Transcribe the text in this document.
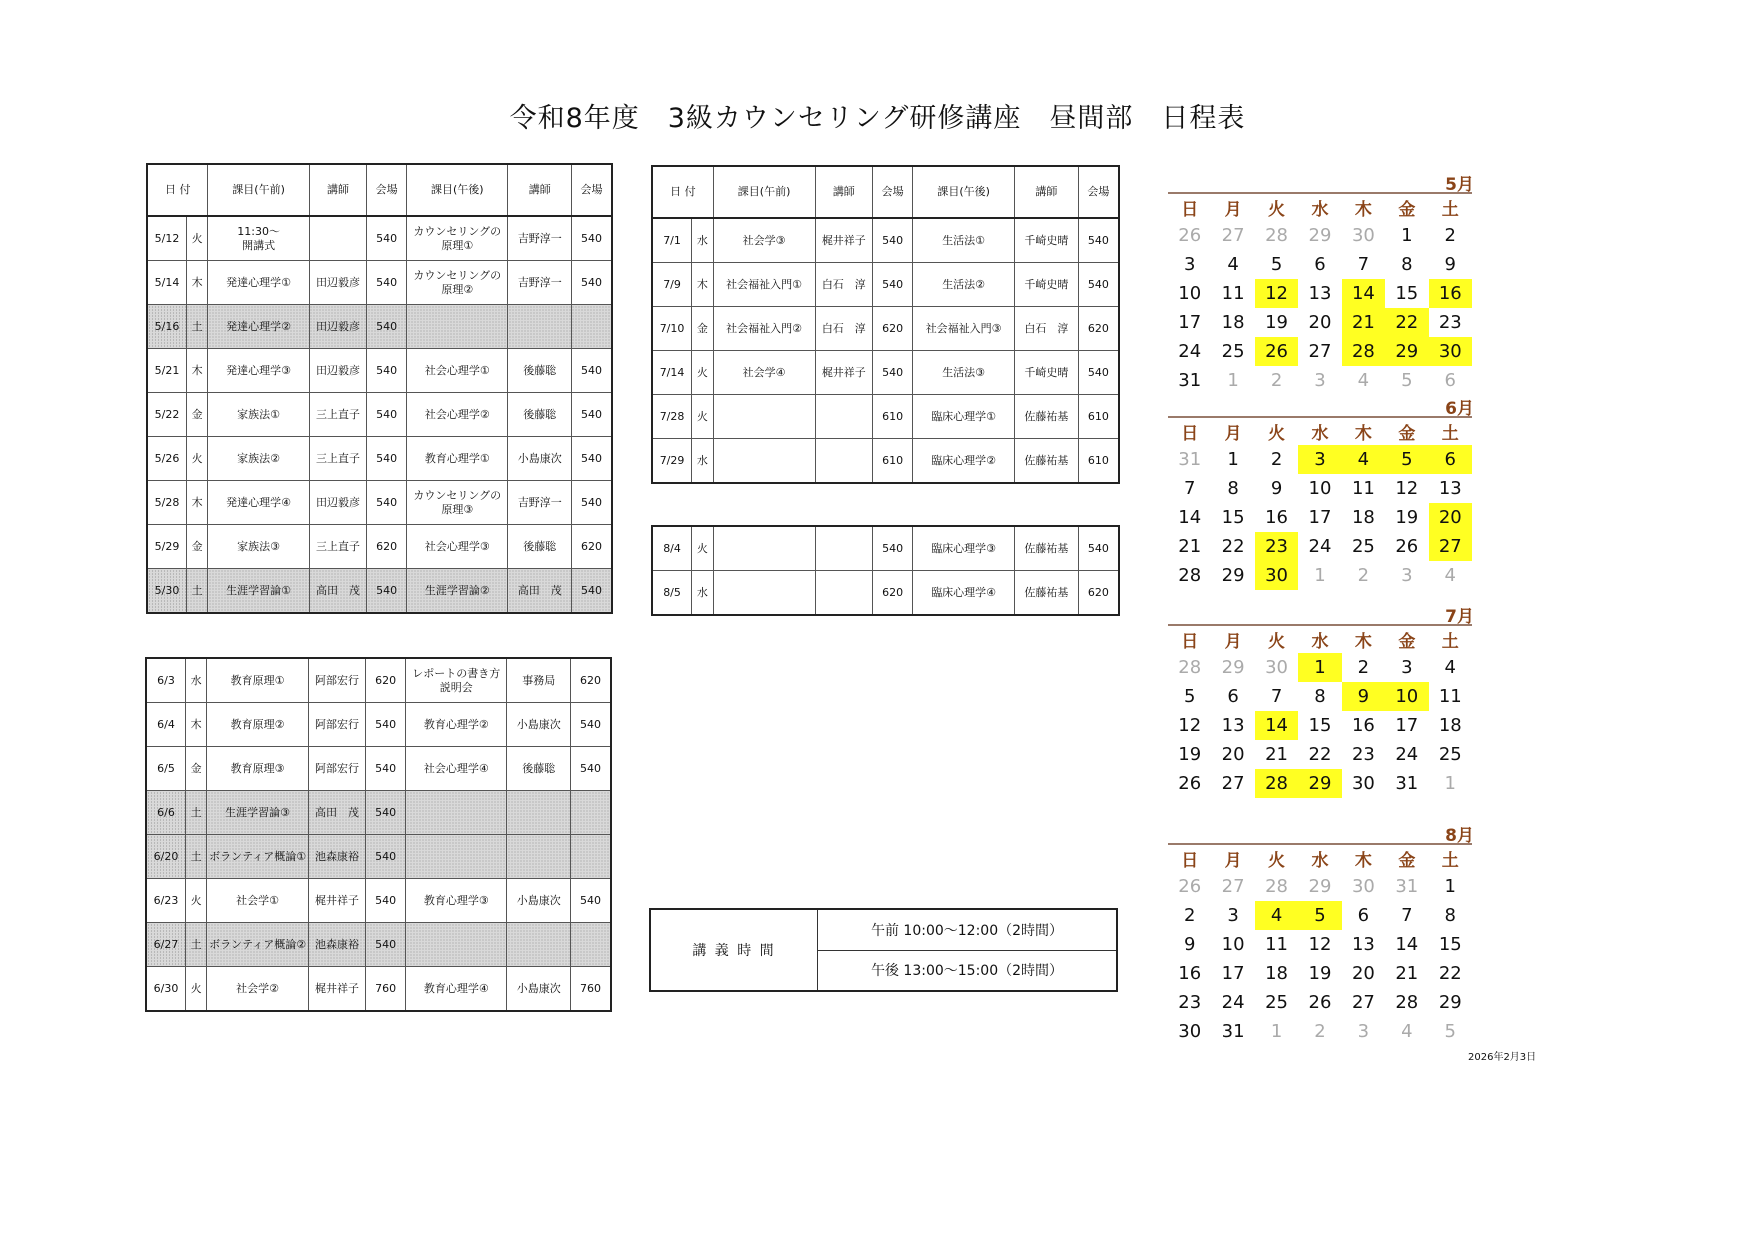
令和8年度　3級カウンセリング研修講座　昼間部　日程表
日 付		課目(午前)	講師	会場	課目(午後)	講師	会場
5/12	火	11:30～
開講式		540	カウンセリングの
原理①	吉野淳一	540
5/14	木	発達心理学①	田辺毅彦	540	カウンセリングの
原理②	吉野淳一	540
5/16	土	発達心理学②	田辺毅彦	540			
5/21	木	発達心理学③	田辺毅彦	540	社会心理学①	後藤聡	540
5/22	金	家族法①	三上直子	540	社会心理学②	後藤聡	540
5/26	火	家族法②	三上直子	540	教育心理学①	小島康次	540
5/28	木	発達心理学④	田辺毅彦	540	カウンセリングの
原理③	吉野淳一	540
5/29	金	家族法③	三上直子	620	社会心理学③	後藤聡	620
5/30	土	生涯学習論①	高田　茂	540	生涯学習論②	高田　茂	540
日 付		課目(午前)	講師	会場	課目(午後)	講師	会場
7/1	水	社会学③	梶井祥子	540	生活法①	千崎史晴	540
7/9	木	社会福祉入門①	白石　淳	540	生活法②	千崎史晴	540
7/10	金	社会福祉入門②	白石　淳	620	社会福祉入門③	白石　淳	620
7/14	火	社会学④	梶井祥子	540	生活法③	千崎史晴	540
7/28	火			610	臨床心理学①	佐藤祐基	610
7/29	水			610	臨床心理学②	佐藤祐基	610
8/4	火			540	臨床心理学③	佐藤祐基	540
8/5	水			620	臨床心理学④	佐藤祐基	620
6/3	水	教育原理①	阿部宏行	620	レポートの書き方
説明会	事務局	620
6/4	木	教育原理②	阿部宏行	540	教育心理学②	小島康次	540
6/5	金	教育原理③	阿部宏行	540	社会心理学④	後藤聡	540
6/6	土	生涯学習論③	高田　茂	540			
6/20	土	ボランティア概論①	池森康裕	540			
6/23	火	社会学①	梶井祥子	540	教育心理学③	小島康次	540
6/27	土	ボランティア概論②	池森康裕	540			
6/30	火	社会学②	梶井祥子	760	教育心理学④	小島康次	760
講 義 時 間	午前 10:00～12:00（2時間）
午後 13:00～15:00（2時間）
5月
日	月	火	水	木	金	土
26	27	28	29	30	1	2
3	4	5	6	7	8	9
10	11	12	13	14	15	16
17	18	19	20	21	22	23
24	25	26	27	28	29	30
31	1	2	3	4	5	6
6月
日	月	火	水	木	金	土
31	1	2	3	4	5	6
7	8	9	10	11	12	13
14	15	16	17	18	19	20
21	22	23	24	25	26	27
28	29	30	1	2	3	4
7月
日	月	火	水	木	金	土
28	29	30	1	2	3	4
5	6	7	8	9	10	11
12	13	14	15	16	17	18
19	20	21	22	23	24	25
26	27	28	29	30	31	1
8月
日	月	火	水	木	金	土
26	27	28	29	30	31	1
2	3	4	5	6	7	8
9	10	11	12	13	14	15
16	17	18	19	20	21	22
23	24	25	26	27	28	29
30	31	1	2	3	4	5
2026年2月3日
